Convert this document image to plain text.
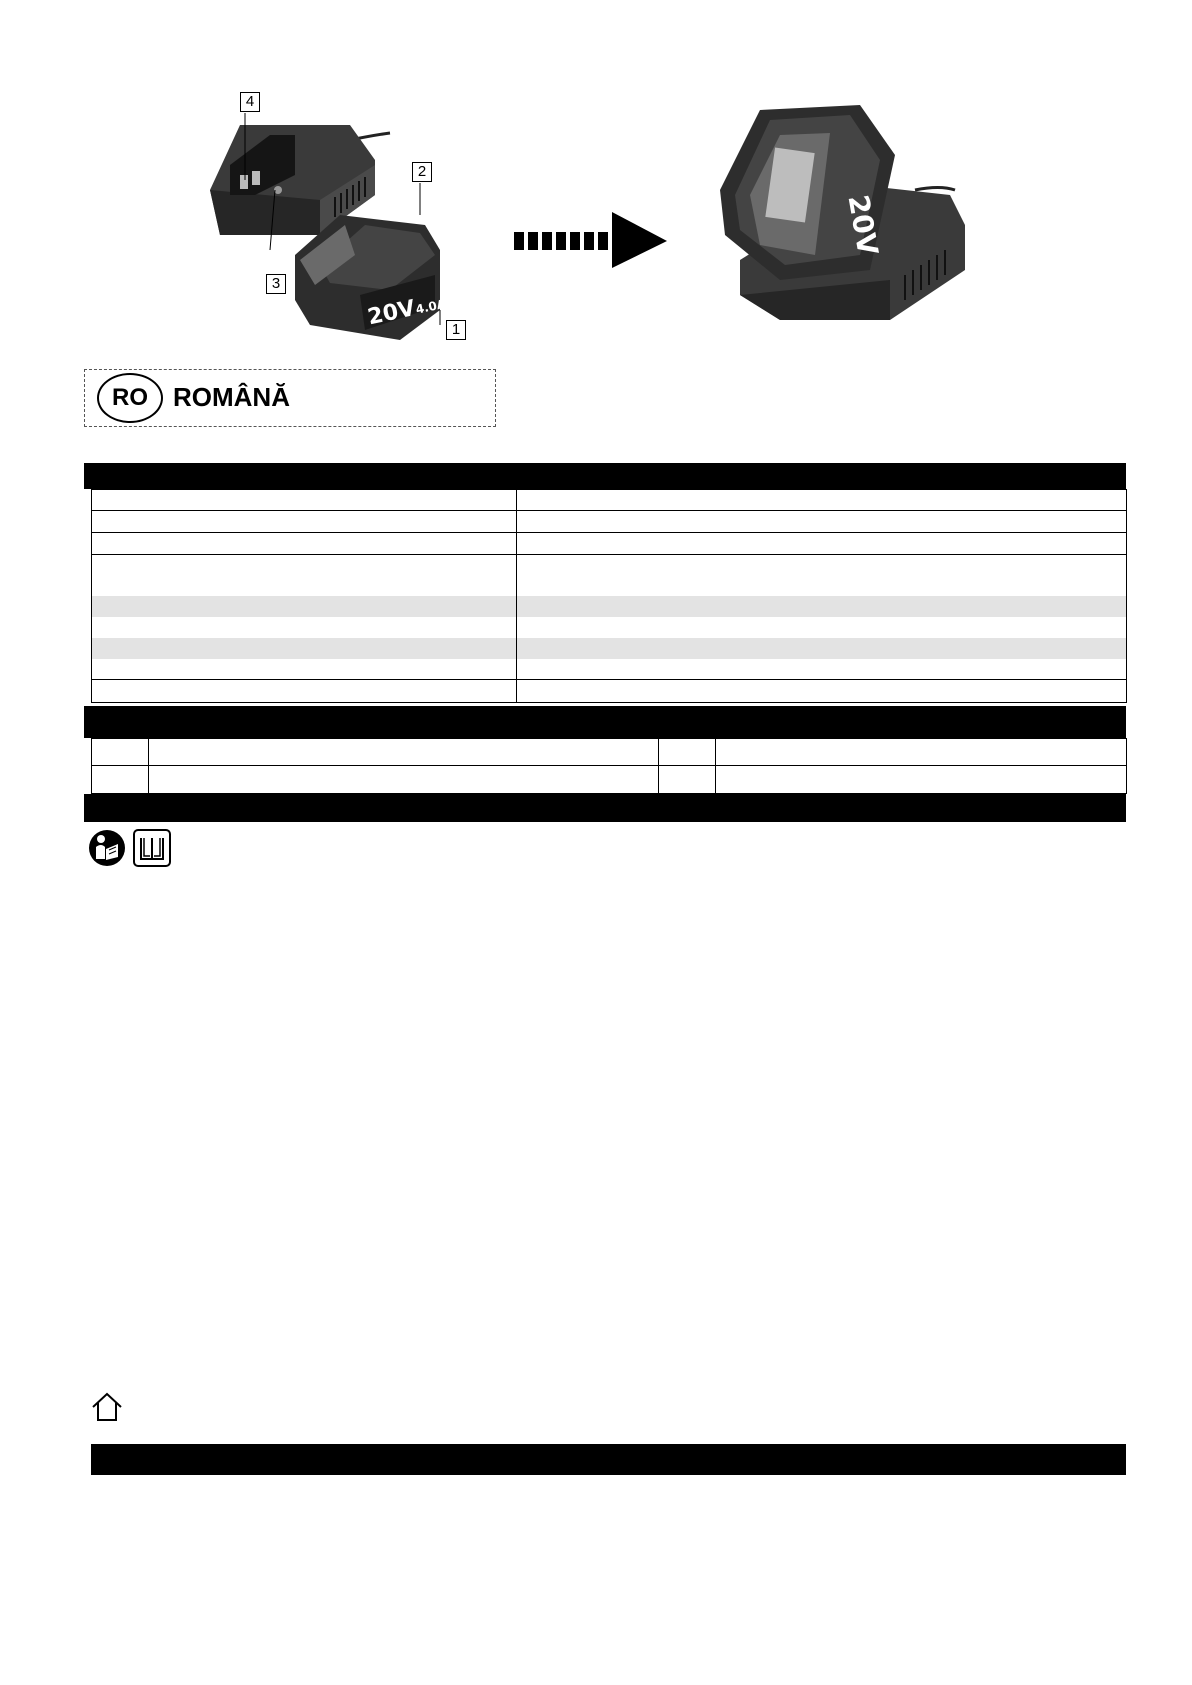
20V
4.0Ah
4
2
3
1
20V
RO ROMÂNĂ
